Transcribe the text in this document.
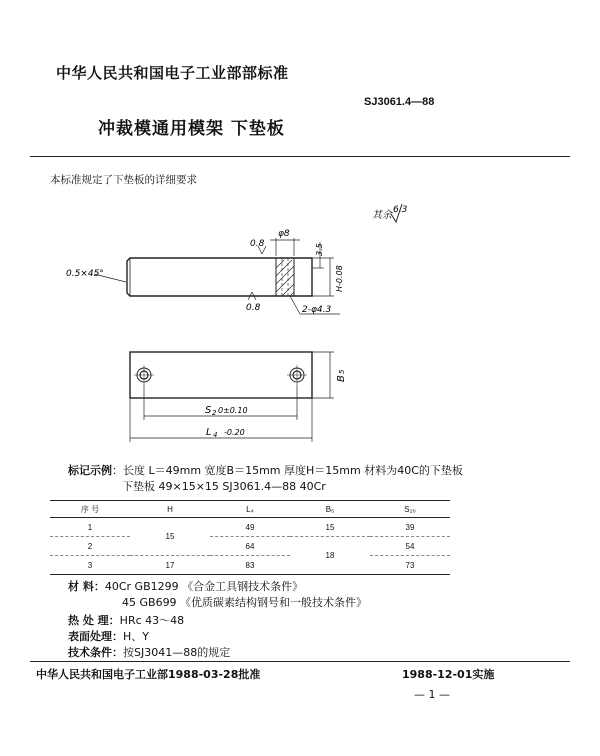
中华人民共和国电子工业部部标准
SJ3061.4—88
冲裁模通用模架 下垫板
本标准规定了下垫板的详细要求
其余 6.3
0.5×45°
0.8
0.8
φ8
3.5
H-0.08
2-φ4.3
B
5
S 2 0±0.10
L 4 -0.20
标记示例：长度 L＝49mm 宽度B＝15mm 厚度H＝15mm 材料为40C的下垫板
下垫板 49×15×15 SJ3061.4—88 40Cr
序 号	H	L₄	B₅	S₂₀
1	15	49	15	39
2		64	18	54
3	17	83		73
材 料：40Cr GB1299 《合金工具钢技术条件》
45 GB699 《优质碳素结构钢号和一般技术条件》
热 处 理：HRc 43～48
表面处理：H、Y
技术条件：按SJ3041—88的规定
中华人民共和国电子工业部1988-03-28批准	1988-12-01实施
— 1 —
